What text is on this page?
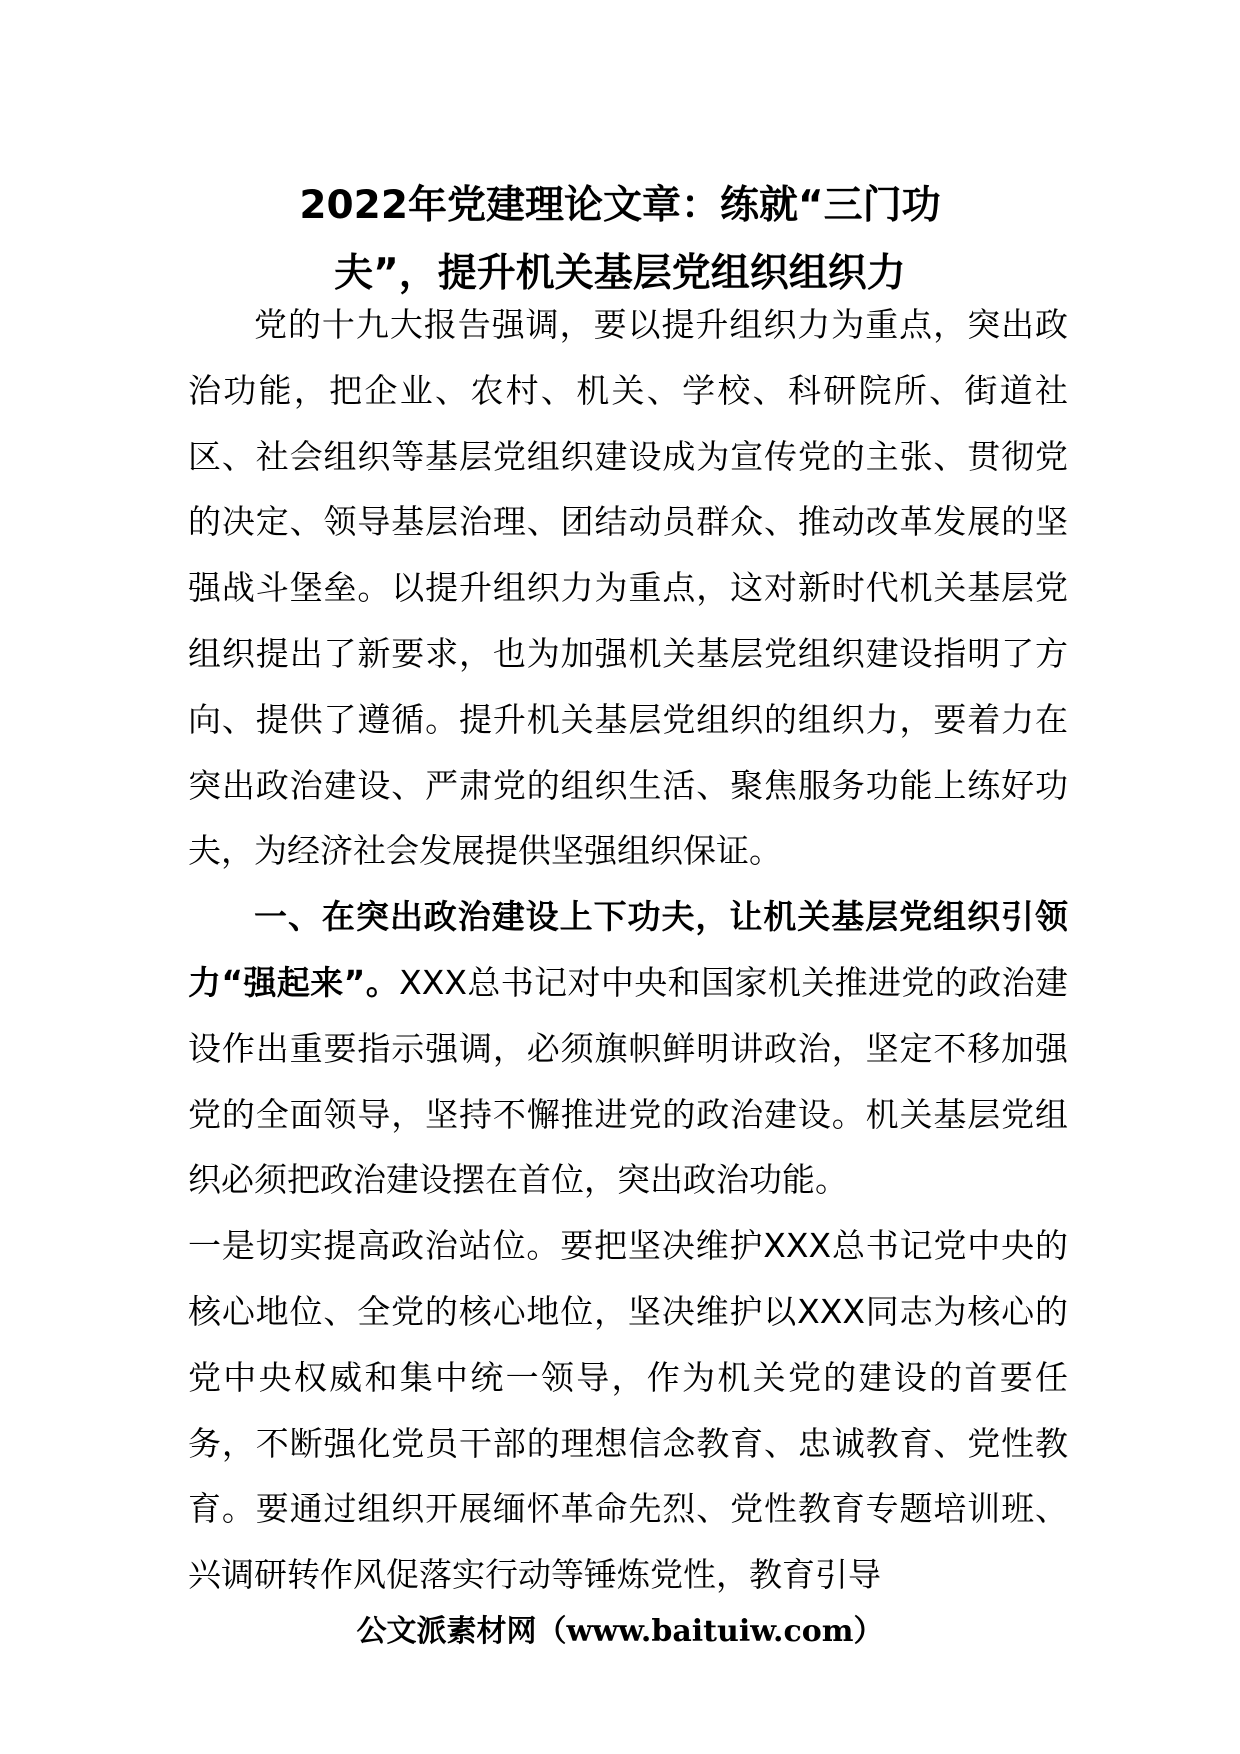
2022年党建理论文章：练就“三门功
夫”，提升机关基层党组织组织力

党的十九大报告强调，要以提升组织力为重点，突出政治功能，把企业、农村、机关、学校、科研院所、街道社区、社会组织等基层党组织建设成为宣传党的主张、贯彻党的决定、领导基层治理、团结动员群众、推动改革发展的坚强战斗堡垒。以提升组织力为重点，这对新时代机关基层党组织提出了新要求，也为加强机关基层党组织建设指明了方向、提供了遵循。提升机关基层党组织的组织力，要着力在突出政治建设、严肃党的组织生活、聚焦服务功能上练好功夫，为经济社会发展提供坚强组织保证。

一、在突出政治建设上下功夫，让机关基层党组织引领力“强起来”。XXX总书记对中央和国家机关推进党的政治建设作出重要指示强调，必须旗帜鲜明讲政治，坚定不移加强党的全面领导，坚持不懈推进党的政治建设。机关基层党组织必须把政治建设摆在首位，突出政治功能。

一是切实提高政治站位。要把坚决维护XXX总书记党中央的核心地位、全党的核心地位，坚决维护以XXX同志为核心的党中央权威和集中统一领导，作为机关党的建设的首要任务，不断强化党员干部的理想信念教育、忠诚教育、党性教育。要通过组织开展缅怀革命先烈、党性教育专题培训班、兴调研转作风促落实行动等锤炼党性，教育引导

公文派素材网（www.baituiw.com）
